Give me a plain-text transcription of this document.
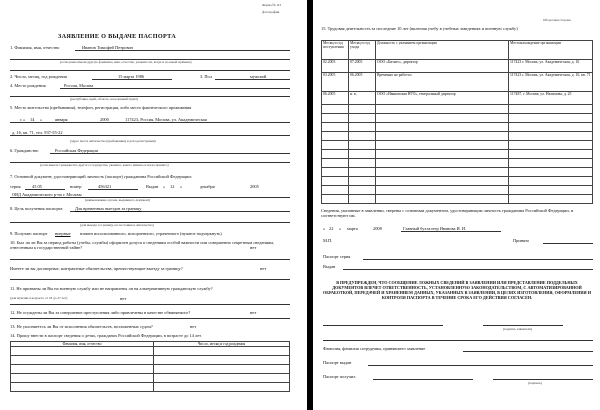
Форма № 1П
фотография
ЗАЯВЛЕНИЕ О ВЫДАЧЕ ПАСПОРТА
1. Фамилия, имя, отчество	Иванов Тимофей Петрович
(если ранее имели другую фамилию, имя, отчество, укажите их, когда и по какой причине)
2. Число, месяц, год рождения	15 марта 1986	3. Пол	мужской
4. Место рождения	Россия, Москва
(республика, край, область, населенный пункт)
5. Место жительства (пребывания), телефон, регистрация, либо место фактического проживания
с « 14 »	января	2000	117423, Россия, Москва, ул. Академическая
д. 16, кв. 71, тел. 937-55-22
(адрес места жительства (пребывания) и дата регистрации)
6. Гражданство	Российская Федерация
(если имеете гражданство другого государства, укажите, какого именно и когда принято)
7. Основной документ, удостоверяющий личность (паспорт) гражданина Российской Федерации:
серия	45 05	номер	456321	Выдан « 12 »	декабря	2005
ОВД Академического р-на г. Москвы
(наименование органа, выдавшего документ)
8. Цель получения паспорта	Для временных выездов за границу
(для выезда за границу, на постоянное жительство)
9. Получаю паспорт впервые взамен использованного, испорченного, утраченного (нужное подчеркнуть)
10. Был ли ли Вы за период работы (учебы, службы) оформлен допуск к сведениям особой важности или совершенно секретным сведениям, отнесенным к государственной тайне?	нет
Имеете ли вы договорные, контрактные обязательства, препятствующие выезду за границу?	нет
11. Не призваны ли Вы на военную службу или не направлены ли на альтернативную гражданскую службу?
(для мужчин в возрасте от 18 до 27 лет)	нет
12. Не осуждены ли Вы за совершение преступления либо привлечены в качестве обвиняемого?	нет
13. Не уклоняетесь ли Вы от исполнения обязательств, возложенных судом?	нет
14. Прошу внести в паспорт сведения о детях, гражданах Российской Федерации, в возрасте до 14 лет.
Фамилия, имя, отчество	Число, месяц и год рождения

Оборотная сторона
15. Трудовая деятельность за последние 10 лет (включая учебу в учебных заведениях и военную службу)
Месяц и год поступления	Месяц и год ухода	Должность с указанием организации	Местонахождение организации
02.2003	07.2005	ООО «Бизнес», директор	117423 г. Москва, ул. Академическая, д. 16
03.2005	06.2005	Временно не работал	117423 г. Москва, ул. Академическая, д. 16, кв. 71
06.2005	н. в.	ООО «Ивановская НГО», генеральный директор	117487, г. Москва, ул. Нахимова, д. 25

Сведения, указанные в заявлении, сверены с основным документом, удостоверяющим личность гражданина Российской Федерации, и соответствуют им.
« 22 » марта	2008	Главный бухгалтер Иванова И. И.
М.П.	Принято
Паспорт серия
Выдан
В ПРЕДУПРЕЖДЕН, ЧТО СООБЩЕНИЕ ЛОЖНЫХ СВЕДЕНИЙ В ЗАЯВЛЕНИИ ИЛИ ПРЕДСТАВЛЕНИЕ ПОДДЕЛЬНЫХ ДОКУМЕНТОВ ВЛЕЧЕТ ОТВЕТСТВЕННОСТЬ, УСТАНОВЛЕННУЮ ЗАКОНОДАТЕЛЬСТВОМ, С АВТОМАТИЗИРОВАННОЙ ОБРАБОТКОЙ, ПЕРЕДАЧЕЙ И ХРАНЕНИЕМ ДАННЫХ, УКАЗАННЫХ В ЗАЯВЛЕНИИ, В ЦЕЛЯХ ИЗГОТОВЛЕНИЯ, ОФОРМЛЕНИЯ И КОНТРОЛЯ ПАСПОРТА В ТЕЧЕНИЕ СРОКА ЕГО ДЕЙСТВИЯ СОГЛАСЕН.
(подпись заявителя)
Фамилия, фамилия сотрудника, принявшего заявление
Паспорт выдан
Паспорт получил
(подпись)
